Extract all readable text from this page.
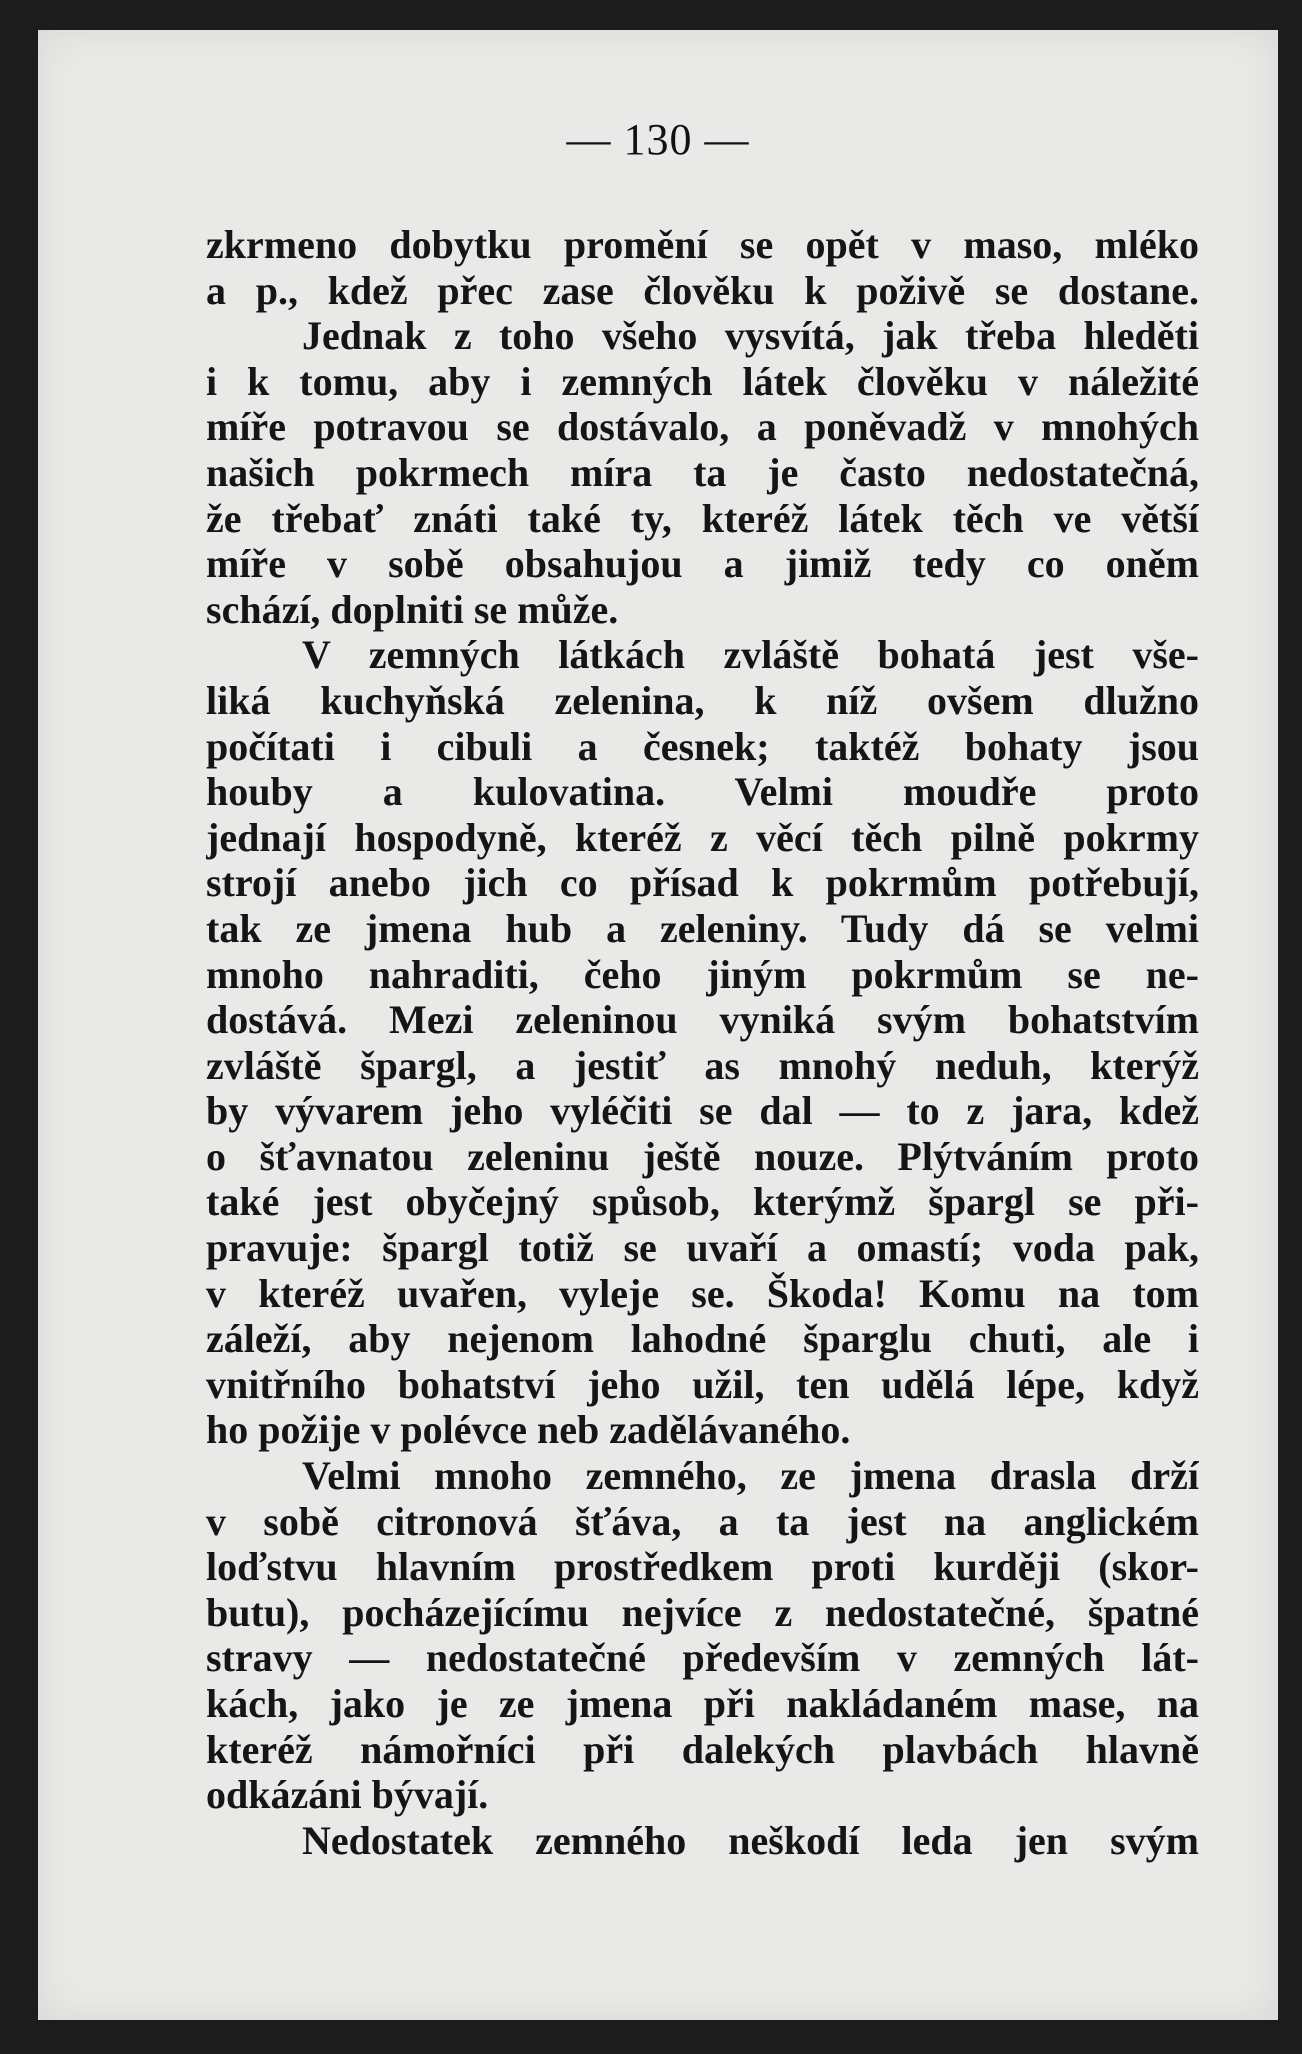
— 130 —
zkrmeno dobytku promění se opět v maso, mléko
a p., kdež přec zase člověku k poživě se dostane.
Jednak z toho všeho vysvítá, jak třeba hleděti
i k tomu, aby i zemných látek člověku v náležité
míře potravou se dostávalo, a poněvadž v mnohých
našich pokrmech míra ta je často nedostatečná,
že třebať znáti také ty, kteréž látek těch ve větší
míře v sobě obsahujou a jimiž tedy co oněm
schází, doplniti se může.
V zemných látkách zvláště bohatá jest vše-
liká kuchyňská zelenina, k níž ovšem dlužno
počítati i cibuli a česnek; taktéž bohaty jsou
houby a kulovatina. Velmi moudře proto
jednají hospodyně, kteréž z věcí těch pilně pokrmy
strojí anebo jich co přísad k pokrmům potřebují,
tak ze jmena hub a zeleniny. Tudy dá se velmi
mnoho nahraditi, čeho jiným pokrmům se ne-
dostává. Mezi zeleninou vyniká svým bohatstvím
zvláště špargl, a jestiť as mnohý neduh, kterýž
by vývarem jeho vyléčiti se dal — to z jara, kdež
o šťavnatou zeleninu ještě nouze. Plýtváním proto
také jest obyčejný spůsob, kterýmž špargl se při-
pravuje: špargl totiž se uvaří a omastí; voda pak,
v kteréž uvařen, vyleje se. Škoda! Komu na tom
záleží, aby nejenom lahodné šparglu chuti, ale i
vnitřního bohatství jeho užil, ten udělá lépe, když
ho požije v polévce neb zadělávaného.
Velmi mnoho zemného, ze jmena drasla drží
v sobě citronová šťáva, a ta jest na anglickém
loďstvu hlavním prostředkem proti kurději (skor-
butu), pocházejícímu nejvíce z nedostatečné, špatné
stravy — nedostatečné především v zemných lát-
kách, jako je ze jmena při nakládaném mase, na
kteréž námořníci při dalekých plavbách hlavně
odkázáni bývají.
Nedostatek zemného neškodí leda jen svým
